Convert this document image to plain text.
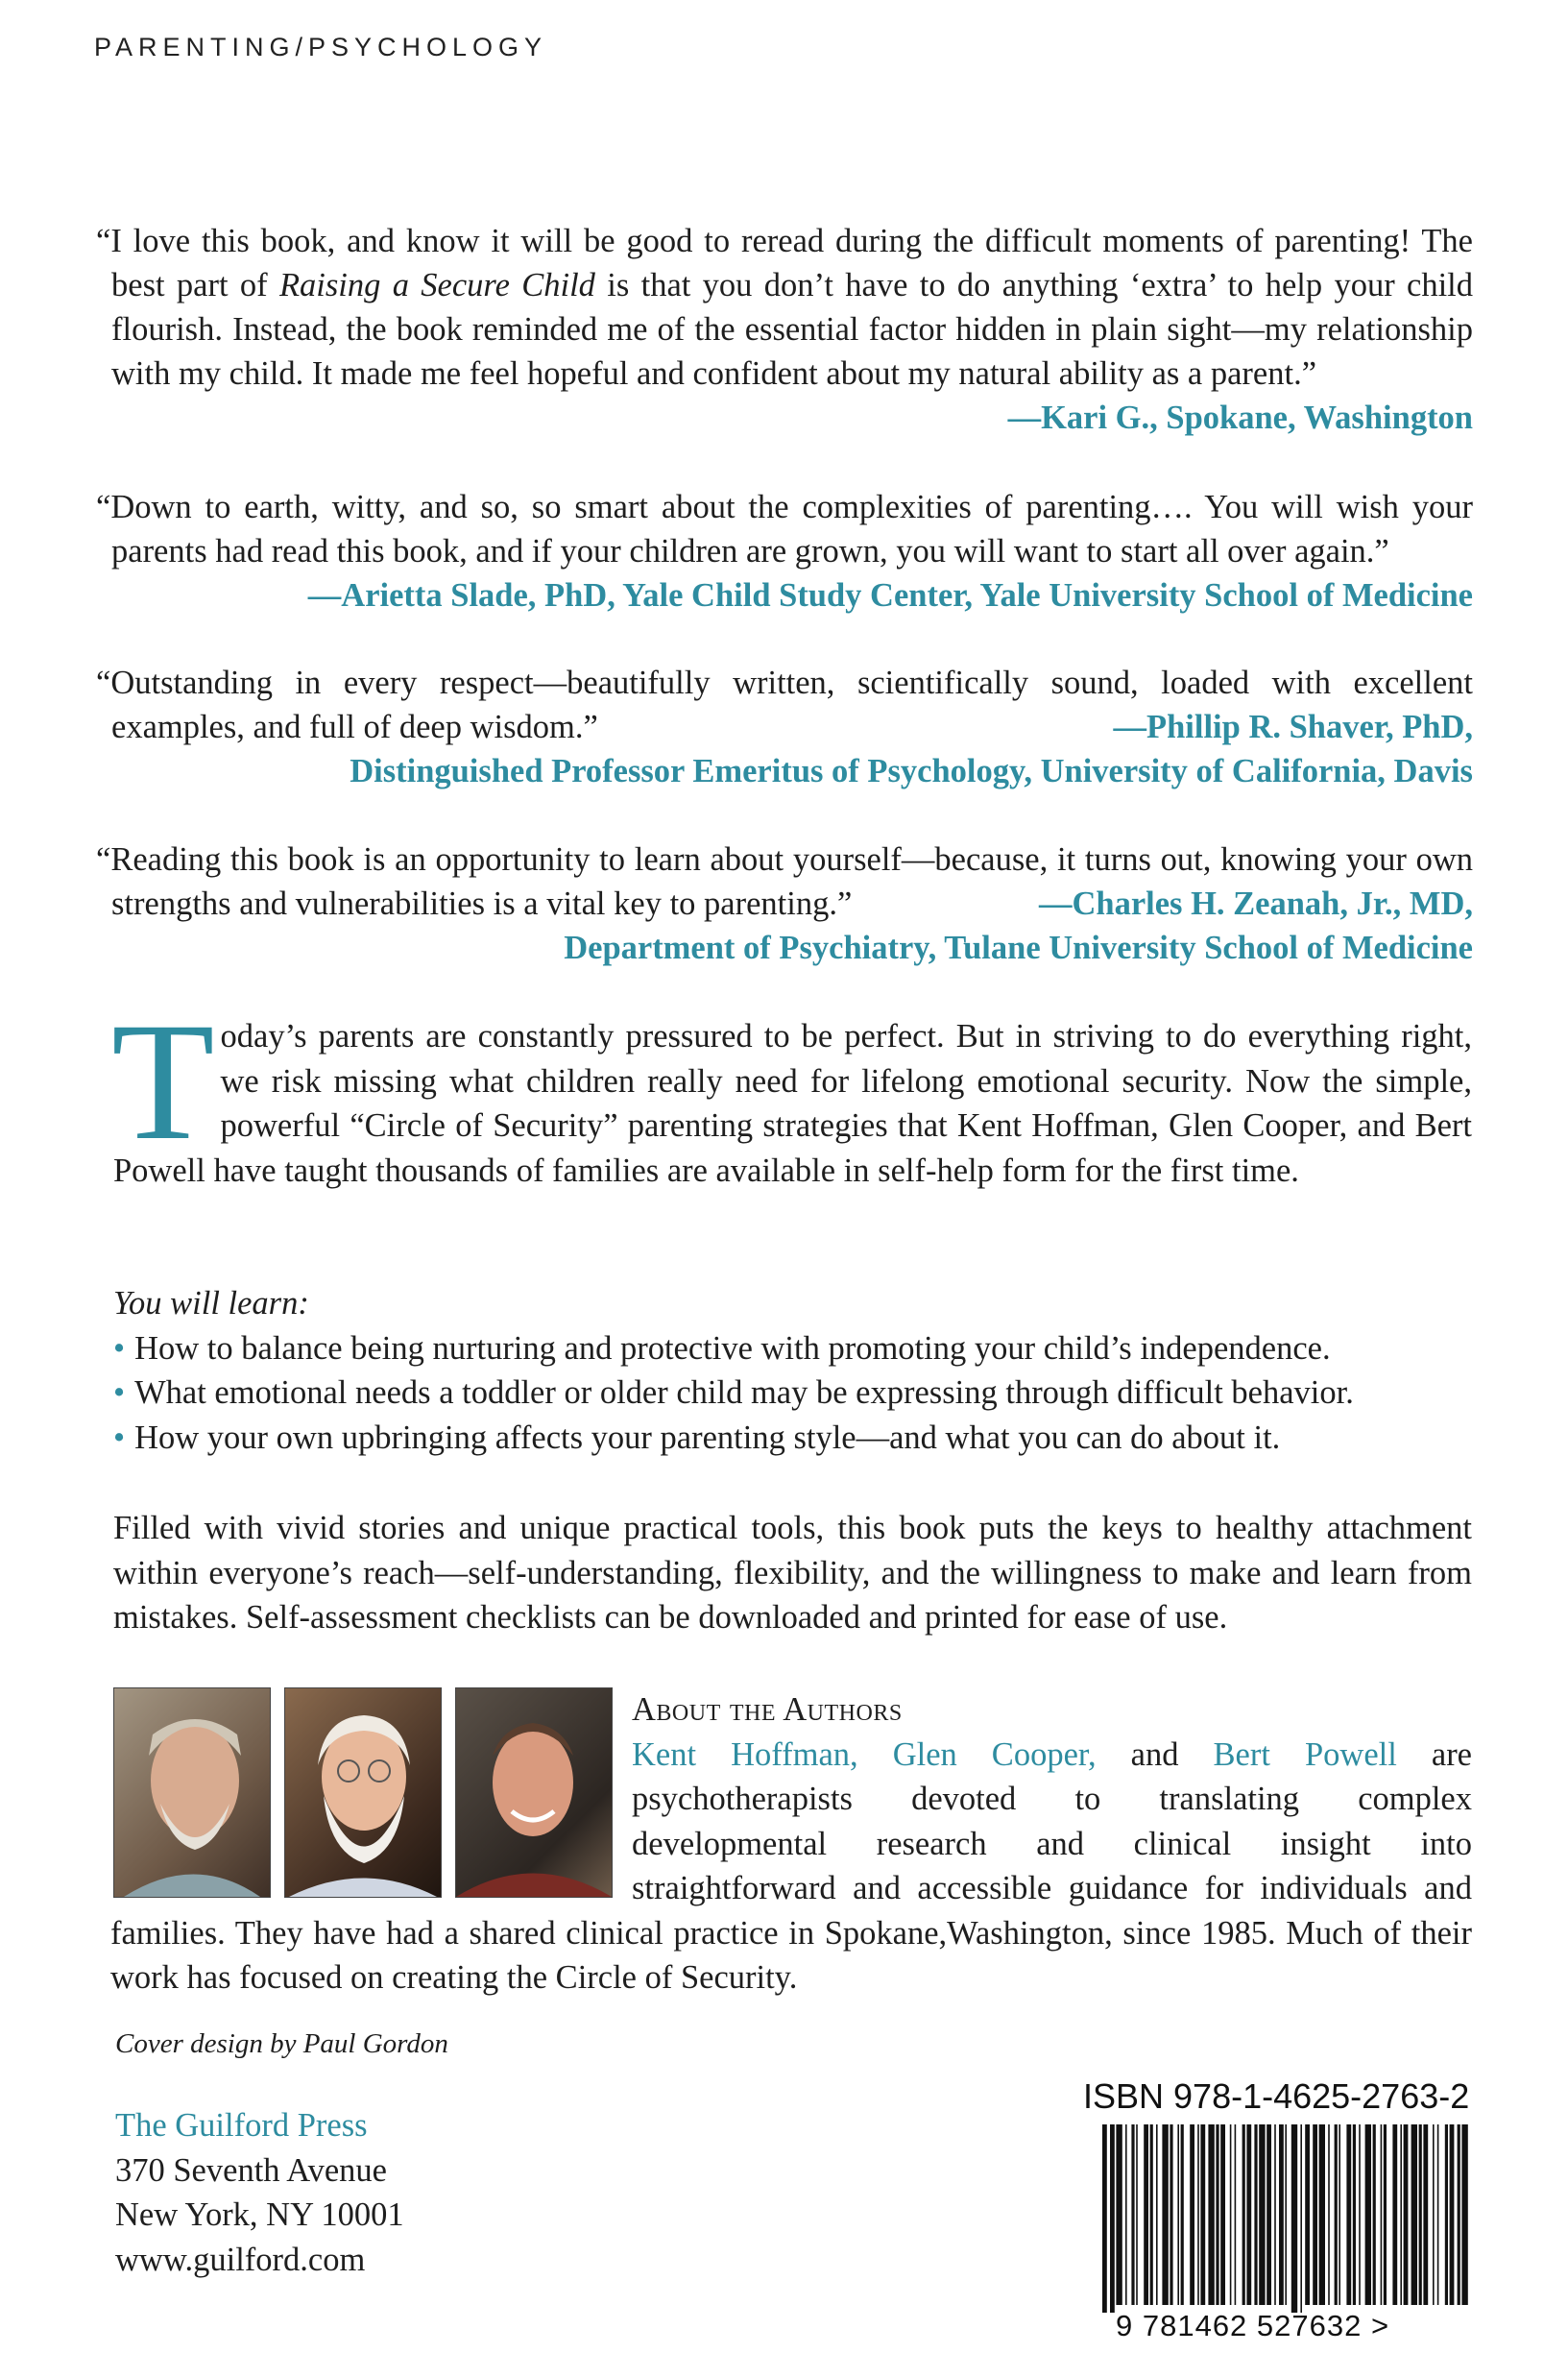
PARENTING/PSYCHOLOGY

“I love this book, and know it will be good to reread during the difficult moments of parenting! The best part of Raising a Secure Child is that you don’t have to do anything ‘extra’ to help your child flourish. Instead, the book reminded me of the essential factor hidden in plain sight—my relationship with my child. It made me feel hopeful and confident about my natural ability as a parent.”
—Kari G., Spokane, Washington

“Down to earth, witty, and so, so smart about the complexities of parenting…. You will wish your parents had read this book, and if your children are grown, you will want to start all over again.”

—Arietta Slade, PhD, Yale Child Study Center, Yale University School of Medicine

“Outstanding in every respect—beautifully written, scientifically sound, loaded with excellent examples, and full of deep wisdom.”	—Phillip R. Shaver, PhD,

Distinguished Professor Emeritus of Psychology, University of California, Davis

“Reading this book is an opportunity to learn about yourself—because, it turns out, knowing your own strengths and vulnerabilities is a vital key to parenting.”	—Charles H. Zeanah, Jr., MD,

Department of Psychiatry, Tulane University School of Medicine

Today’s parents are constantly pressured to be perfect. But in striving to do everything right, we risk missing what children really need for lifelong emotional security. Now the simple, powerful “Circle of Security” parenting strategies that Kent Hoffman, Glen Cooper, and Bert Powell have taught thousands of families are available in self-help form for the first time.

You will learn:
• How to balance being nurturing and protective with promoting your child’s independence.
• What emotional needs a toddler or older child may be expressing through difficult behavior.
• How your own upbringing affects your parenting style—and what you can do about it.

Filled with vivid stories and unique practical tools, this book puts the keys to healthy attachment within everyone’s reach—self-understanding, flexibility, and the willingness to make and learn from mistakes. Self-assessment checklists can be downloaded and printed for ease of use.

About the Authors
Kent Hoffman, Glen Cooper, and Bert Powell are psychotherapists devoted to translating complex developmental research and clinical insight into straightforward and accessible guidance for individuals and families. They have had a shared clinical practice in Spokane,Washington, since 1985. Much of their work has focused on creating the Circle of Security.

Cover design by Paul Gordon
The Guilford Press
370 Seventh Avenue
New York, NY 10001
www.guilford.com
ISBN 978-1-4625-2763-2
9 781462 527632 >
